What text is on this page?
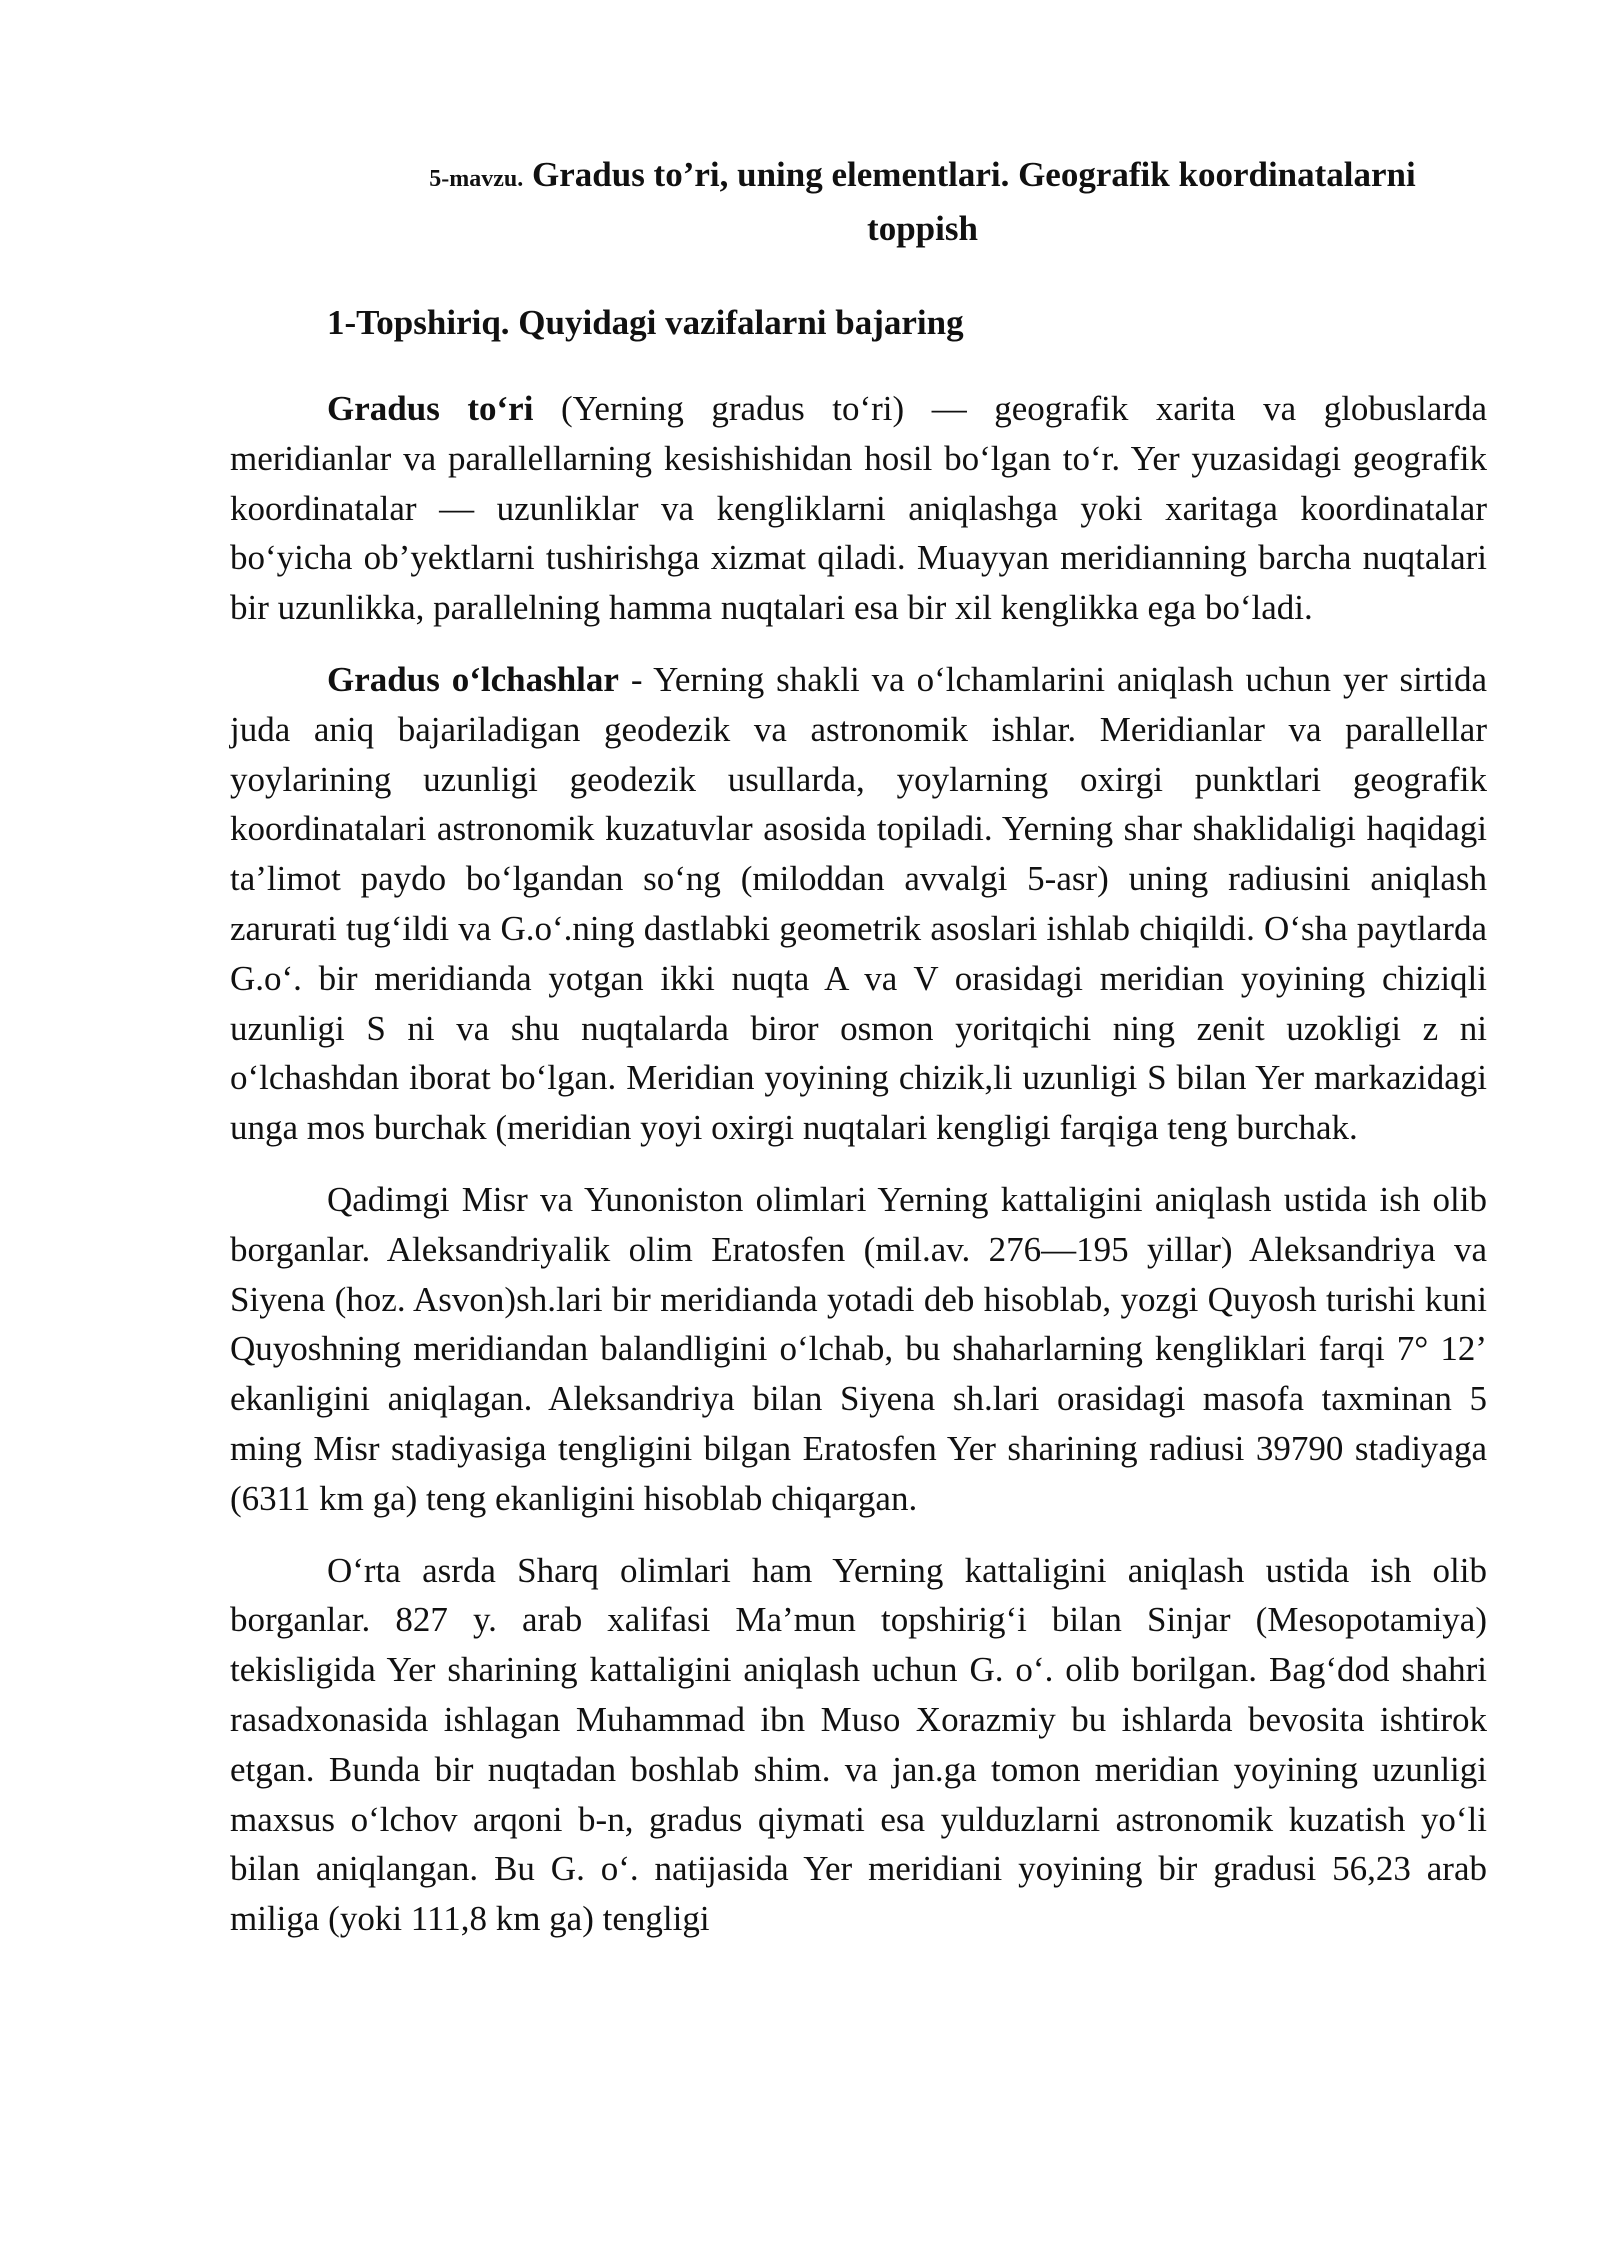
5-mavzu. Gradus to’ri, uning elementlari. Geografik koordinatalarni
toppish
1-Topshiriq. Quyidagi vazifalarni bajaring

Gradus to‘ri (Yerning gradus to‘ri) — geografik xarita va globuslarda meridianlar va parallellarning kesishishidan hosil bo‘lgan to‘r. Yer yuzasidagi geografik koordinatalar — uzunliklar va kengliklarni aniqlashga yoki xaritaga koordinatalar bo‘yicha ob’yektlarni tushirishga xizmat qiladi. Muayyan meridianning barcha nuqtalari bir uzunlikka, parallelning hamma nuqtalari esa bir xil kenglikka ega bo‘ladi.

Gradus o‘lchashlar - Yerning shakli va o‘lchamlarini aniqlash uchun yer sirtida juda aniq bajariladigan geodezik va astronomik ishlar. Meridianlar va parallellar yoylarining uzunligi geodezik usullarda, yoylarning oxirgi punktlari geografik koordinatalari astronomik kuzatuvlar asosida topiladi. Yerning shar shaklidaligi haqidagi ta’limot paydo bo‘lgandan so‘ng (miloddan avvalgi 5-asr) uning radiusini aniqlash zarurati tug‘ildi va G.o‘.ning dastlabki geometrik asoslari ishlab chiqildi. O‘sha paytlarda G.o‘. bir meridianda yotgan ikki nuqta A va V orasidagi meridian yoyining chiziqli uzunligi S ni va shu nuqtalarda biror osmon yoritqichi ning zenit uzokligi z ni o‘lchashdan iborat bo‘lgan. Meridian yoyining chizik,li uzunligi S bilan Yer markazidagi unga mos burchak (meridian yoyi oxirgi nuqtalari kengligi farqiga teng burchak.

Qadimgi Misr va Yunoniston olimlari Yerning kattaligini aniqlash ustida ish olib borganlar. Aleksandriyalik olim Eratosfen (mil.av. 276—195 yillar) Aleksandriya va Siyena (hoz. Asvon)sh.lari bir meridianda yotadi deb hisoblab, yozgi Quyosh turishi kuni Quyoshning meridiandan balandligini o‘lchab, bu shaharlarning kengliklari farqi 7° 12’ ekanligini aniqlagan. Aleksandriya bilan Siyena sh.lari orasidagi masofa taxminan 5 ming Misr stadiyasiga tengligini bilgan Eratosfen Yer sharining radiusi 39790 stadiyaga (6311 km ga) teng ekanligini hisoblab chiqargan.

O‘rta asrda Sharq olimlari ham Yerning kattaligini aniqlash ustida ish olib borganlar. 827 y. arab xalifasi Ma’mun topshirig‘i bilan Sinjar (Mesopotamiya) tekisligida Yer sharining kattaligini aniqlash uchun G. o‘. olib borilgan. Bag‘dod shahri rasadxonasida ishlagan Muhammad ibn Muso Xorazmiy bu ishlarda bevosita ishtirok etgan. Bunda bir nuqtadan boshlab shim. va jan.ga tomon meridian yoyining uzunligi maxsus o‘lchov arqoni b-n, gradus qiymati esa yulduzlarni astronomik kuzatish yo‘li bilan aniqlangan. Bu G. o‘. natijasida Yer meridiani yoyining bir gradusi 56,23 arab miliga (yoki 111,8 km ga) tengligi
